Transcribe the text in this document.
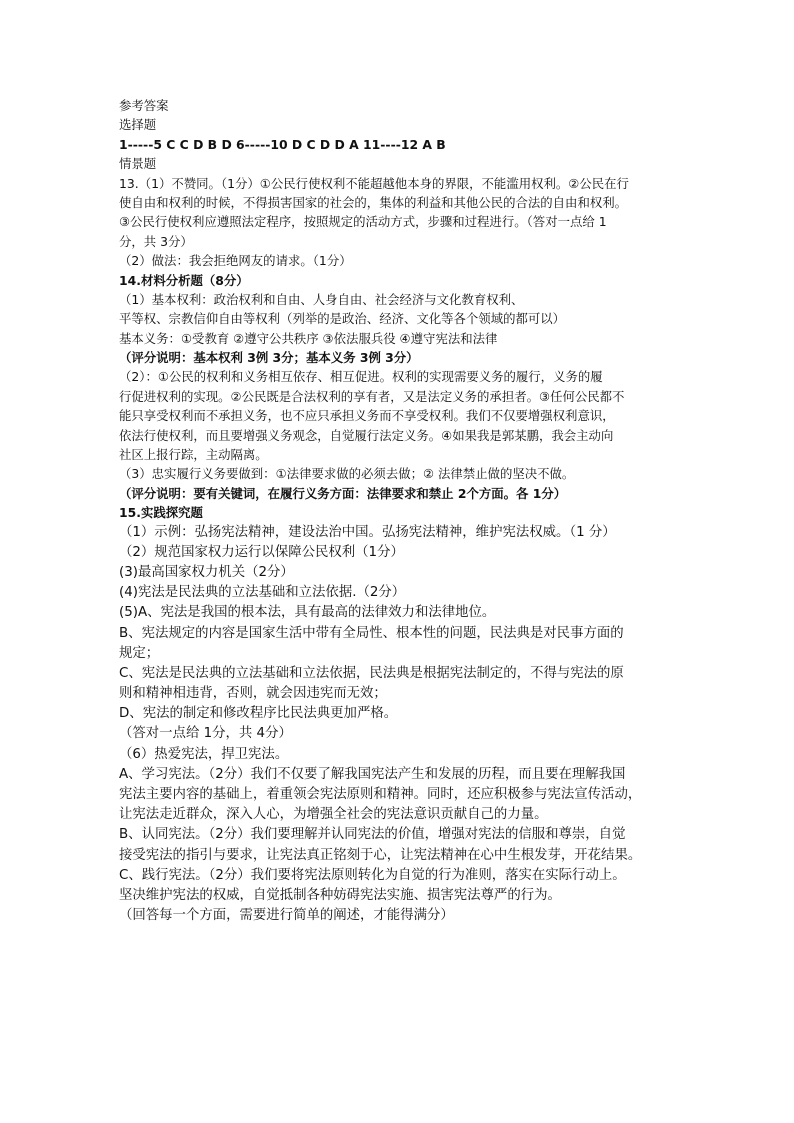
参考答案
选择题
1-----5 C C D B D 6-----10 D C D D A 11----12 A B
情景题
13.（1）不赞同。（1分）①公民行使权利不能超越他本身的界限，不能滥用权利。②公民在行
使自由和权利的时候，不得损害国家的社会的，集体的利益和其他公民的合法的自由和权利。
③公民行使权利应遵照法定程序，按照规定的活动方式，步骤和过程进行。（答对一点给 1
分，共 3分）
（2）做法：我会拒绝网友的请求。（1分）
14.材料分析题（8分）
（1）基本权利：政治权利和自由、人身自由、社会经济与文化教育权利、
平等权、宗教信仰自由等权利（列举的是政治、经济、文化等各个领域的都可以）
基本义务：①受教育 ②遵守公共秩序 ③依法服兵役 ④遵守宪法和法律
（评分说明：基本权利 3例 3分；基本义务 3例 3分）
（2）：①公民的权利和义务相互依存、相互促进。权利的实现需要义务的履行，义务的履
行促进权利的实现。②公民既是合法权利的享有者，又是法定义务的承担者。③任何公民都不
能只享受权利而不承担义务，也不应只承担义务而不享受权利。我们不仅要增强权利意识，
依法行使权利，而且要增强义务观念，自觉履行法定义务。④如果我是郭某鹏，我会主动向
社区上报行踪，主动隔离。
（3）忠实履行义务要做到：①法律要求做的必须去做；② 法律禁止做的坚决不做。
（评分说明：要有关键词，在履行义务方面：法律要求和禁止 2个方面。各 1分）
15.实践探究题
（1）示例：弘扬宪法精神，建设法治中国。弘扬宪法精神，维护宪法权威。（1 分）
（2）规范国家权力运行以保障公民权利（1分）
(3)最高国家权力机关（2分）
(4)宪法是民法典的立法基础和立法依据.（2分）
(5)A、宪法是我国的根本法，具有最高的法律效力和法律地位。
B、宪法规定的内容是国家生活中带有全局性、根本性的问题，民法典是对民事方面的
规定；
C、宪法是民法典的立法基础和立法依据，民法典是根据宪法制定的，不得与宪法的原
则和精神相违背，否则，就会因违宪而无效；
D、宪法的制定和修改程序比民法典更加严格。
（答对一点给 1分，共 4分）
（6）热爱宪法，捍卫宪法。
A、学习宪法。（2分）我们不仅要了解我国宪法产生和发展的历程，而且要在理解我国
宪法主要内容的基础上，着重领会宪法原则和精神。同时，还应积极参与宪法宣传活动，
让宪法走近群众，深入人心，为增强全社会的宪法意识贡献自己的力量。
B、认同宪法。（2分）我们要理解并认同宪法的价值，增强对宪法的信服和尊崇，自觉
接受宪法的指引与要求，让宪法真正铭刻于心，让宪法精神在心中生根发芽，开花结果。
C、践行宪法。（2分）我们要将宪法原则转化为自觉的行为准则，落实在实际行动上。
坚决维护宪法的权威，自觉抵制各种妨碍宪法实施、损害宪法尊严的行为。
（回答每一个方面，需要进行简单的阐述，才能得满分）
